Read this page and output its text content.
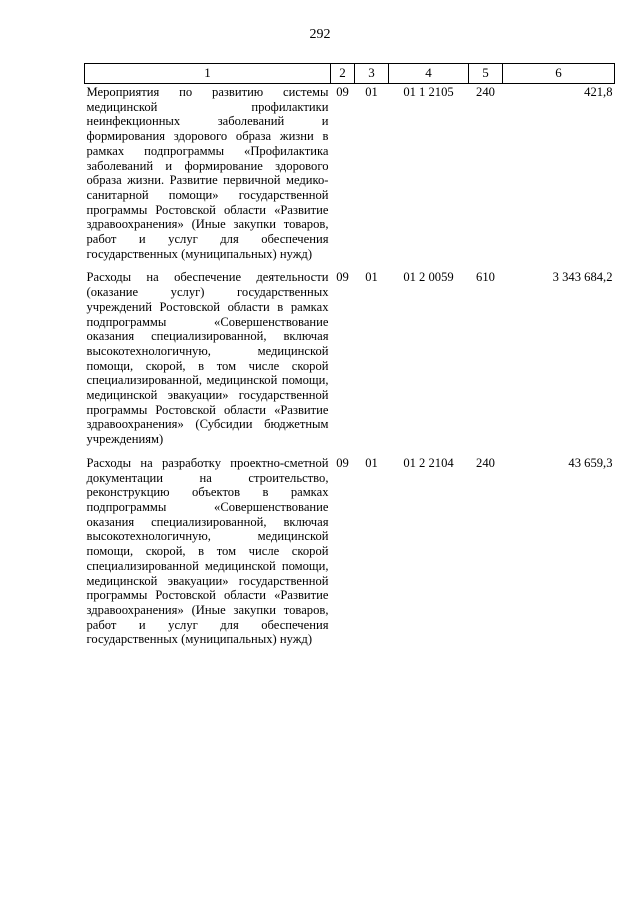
292
1	2	3	4	5	6
Мероприятия по развитию системы медицинской профилактики неинфекционных заболеваний и формирования здорового образа жизни в рамках подпрограммы «Профилактика заболеваний и формирование здорового образа жизни. Развитие первичной медико-санитарной помощи» государственной программы Ростовской области «Развитие здравоохранения» (Иные закупки товаров, работ и услуг для обеспечения государственных (муниципальных) нужд)	09	01	01 1 2105	240	421,8
Расходы на обеспечение деятельности (оказание услуг) государственных учреждений Ростовской области в рамках подпрограммы «Совершенствование оказания специализированной, включая высокотехнологичную, медицинской помощи, скорой, в том числе скорой специализированной, медицинской помощи, медицинской эвакуации» государственной программы Ростовской области «Развитие здравоохранения» (Субсидии бюджетным учреждениям)	09	01	01 2 0059	610	3 343 684,2
Расходы на разработку проектно-сметной документации на строительство, реконструкцию объектов в рамках подпрограммы «Совершенствование оказания специализированной, включая высокотехнологичную, медицинской помощи, скорой, в том числе скорой специализированной медицинской помощи, медицинской эвакуации» государственной программы Ростовской области «Развитие здравоохранения» (Иные закупки товаров, работ и услуг для обеспечения государственных (муниципальных) нужд)	09	01	01 2 2104	240	43 659,3
